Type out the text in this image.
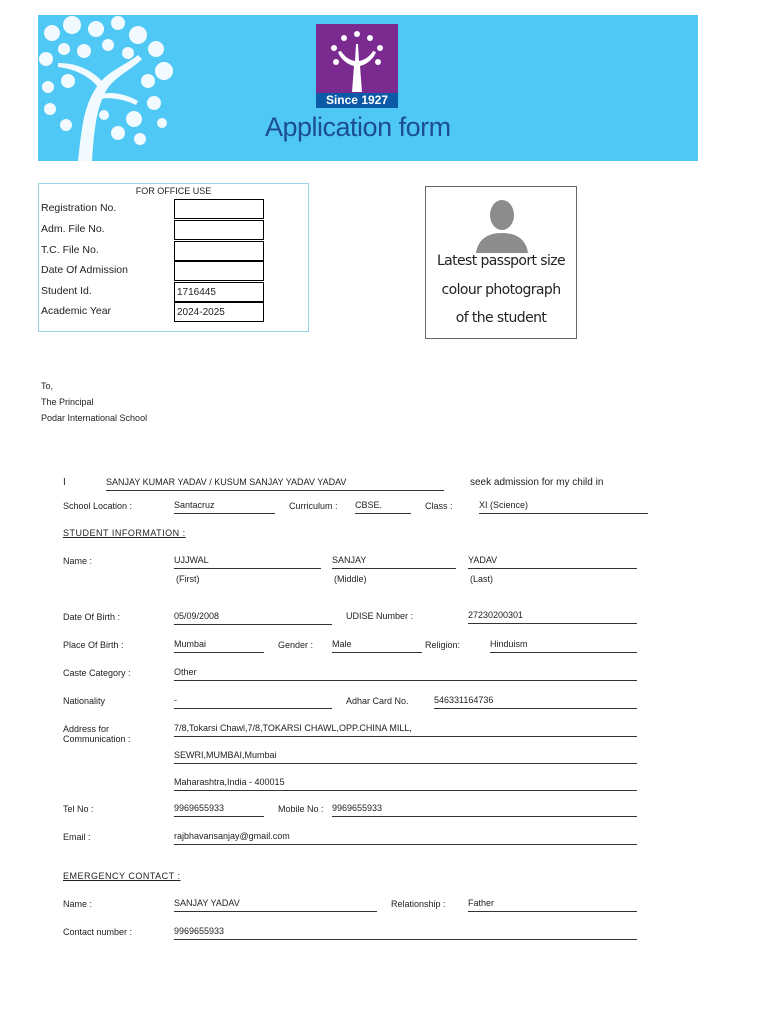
Since 1927
Application form
FOR OFFICE USE
Registration No.
Adm. File No.
T.C. File No.
Date Of Admission
Student Id.	1716445
Academic Year	2024-2025
Latest passport size
colour photograph
of the student
To,
The Principal
Podar International School
I	SANJAY KUMAR YADAV / KUSUM SANJAY YADAV YADAV	seek admission for my child in
School Location :	Santacruz	Curriculum : CBSE.	Class :	XI (Science)
STUDENT INFORMATION :
Name :	UJJWAL	SANJAY	YADAV
(First)	(Middle)	(Last)
Date Of Birth :	05/09/2008	UDISE Number :	27230200301
Place Of Birth :	Mumbai	Gender : Male	Religion:	Hinduism
Caste Category :	Other
Nationality	-	Adhar Card No.	546331164736
Address for
Communication :
7/8,Tokarsi Chawl,7/8,TOKARSI CHAWL,OPP.CHINA MILL,
SEWRI,MUMBAI,Mumbai
Maharashtra,India - 400015
Tel No :	9969655933	Mobile No : 9969655933
Email :	rajbhavansanjay@gmail.com
EMERGENCY CONTACT :
Name :	SANJAY YADAV	Relationship : Father
Contact number :	9969655933
